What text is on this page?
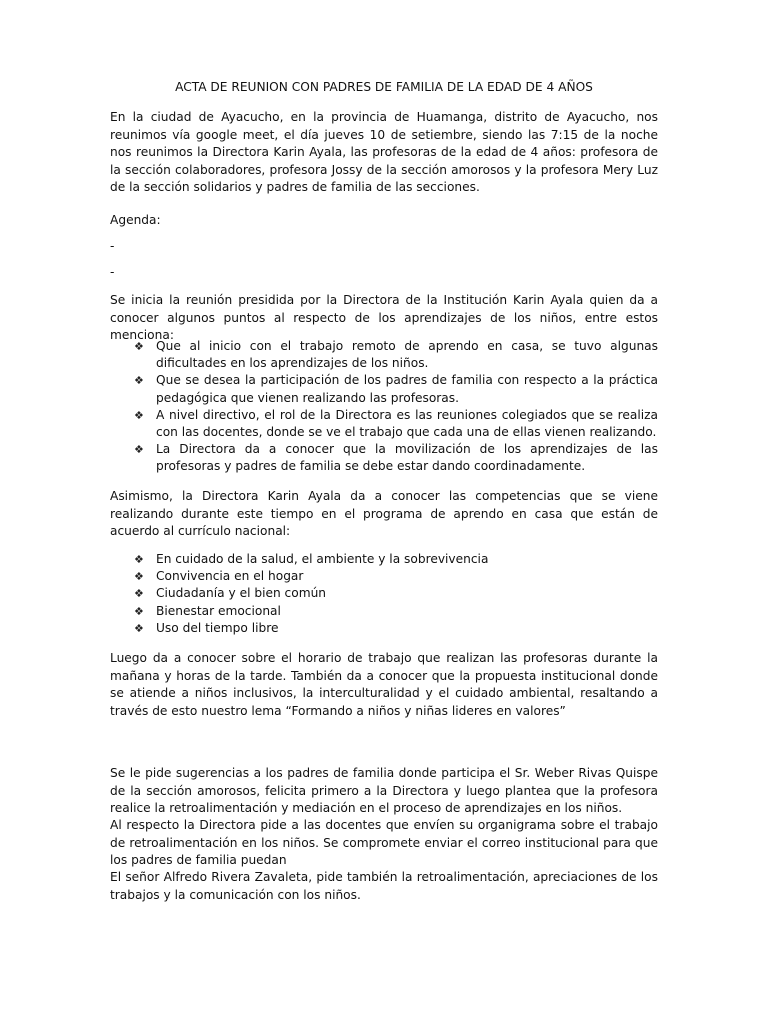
ACTA DE REUNION CON PADRES DE FAMILIA DE LA EDAD DE 4 AÑOS

En la ciudad de Ayacucho, en la provincia de Huamanga, distrito de Ayacucho, nos reunimos vía google meet, el día jueves 10 de setiembre, siendo las 7:15 de la noche nos reunimos la Directora Karin Ayala, las profesoras de la edad de 4 años: profesora de la sección colaboradores, profesora Jossy de la sección amorosos y la profesora Mery Luz de la sección solidarios y padres de familia de las secciones.

Agenda:

-

-

Se inicia la reunión presidida por la Directora de la Institución Karin Ayala quien da a conocer algunos puntos al respecto de los aprendizajes de los niños, entre estos menciona:

❖ Que al inicio con el trabajo remoto de aprendo en casa, se tuvo algunas dificultades en los aprendizajes de los niños.
❖ Que se desea la participación de los padres de familia con respecto a la práctica pedagógica que vienen realizando las profesoras.
❖ A nivel directivo, el rol de la Directora es las reuniones colegiados que se realiza con las docentes, donde se ve el trabajo que cada una de ellas vienen realizando.
❖ La Directora da a conocer que la movilización de los aprendizajes de las profesoras y padres de familia se debe estar dando coordinadamente.

Asimismo, la Directora Karin Ayala da a conocer las competencias que se viene realizando durante este tiempo en el programa de aprendo en casa que están de acuerdo al currículo nacional:

❖ En cuidado de la salud, el ambiente y la sobrevivencia
❖ Convivencia en el hogar
❖ Ciudadanía y el bien común
❖ Bienestar emocional
❖ Uso del tiempo libre

Luego da a conocer sobre el horario de trabajo que realizan las profesoras durante la mañana y horas de la tarde. También da a conocer que la propuesta institucional donde se atiende a niños inclusivos, la interculturalidad y el cuidado ambiental, resaltando a través de esto nuestro lema “Formando a niños y niñas lideres en valores”

Se le pide sugerencias a los padres de familia donde participa el Sr. Weber Rivas Quispe de la sección amorosos, felicita primero a la Directora y luego plantea que la profesora realice la retroalimentación y mediación en el proceso de aprendizajes en los niños.

Al respecto la Directora pide a las docentes que envíen su organigrama sobre el trabajo de retroalimentación en los niños. Se compromete enviar el correo institucional para que los padres de familia puedan

El señor Alfredo Rivera Zavaleta, pide también la retroalimentación, apreciaciones de los trabajos y la comunicación con los niños.
